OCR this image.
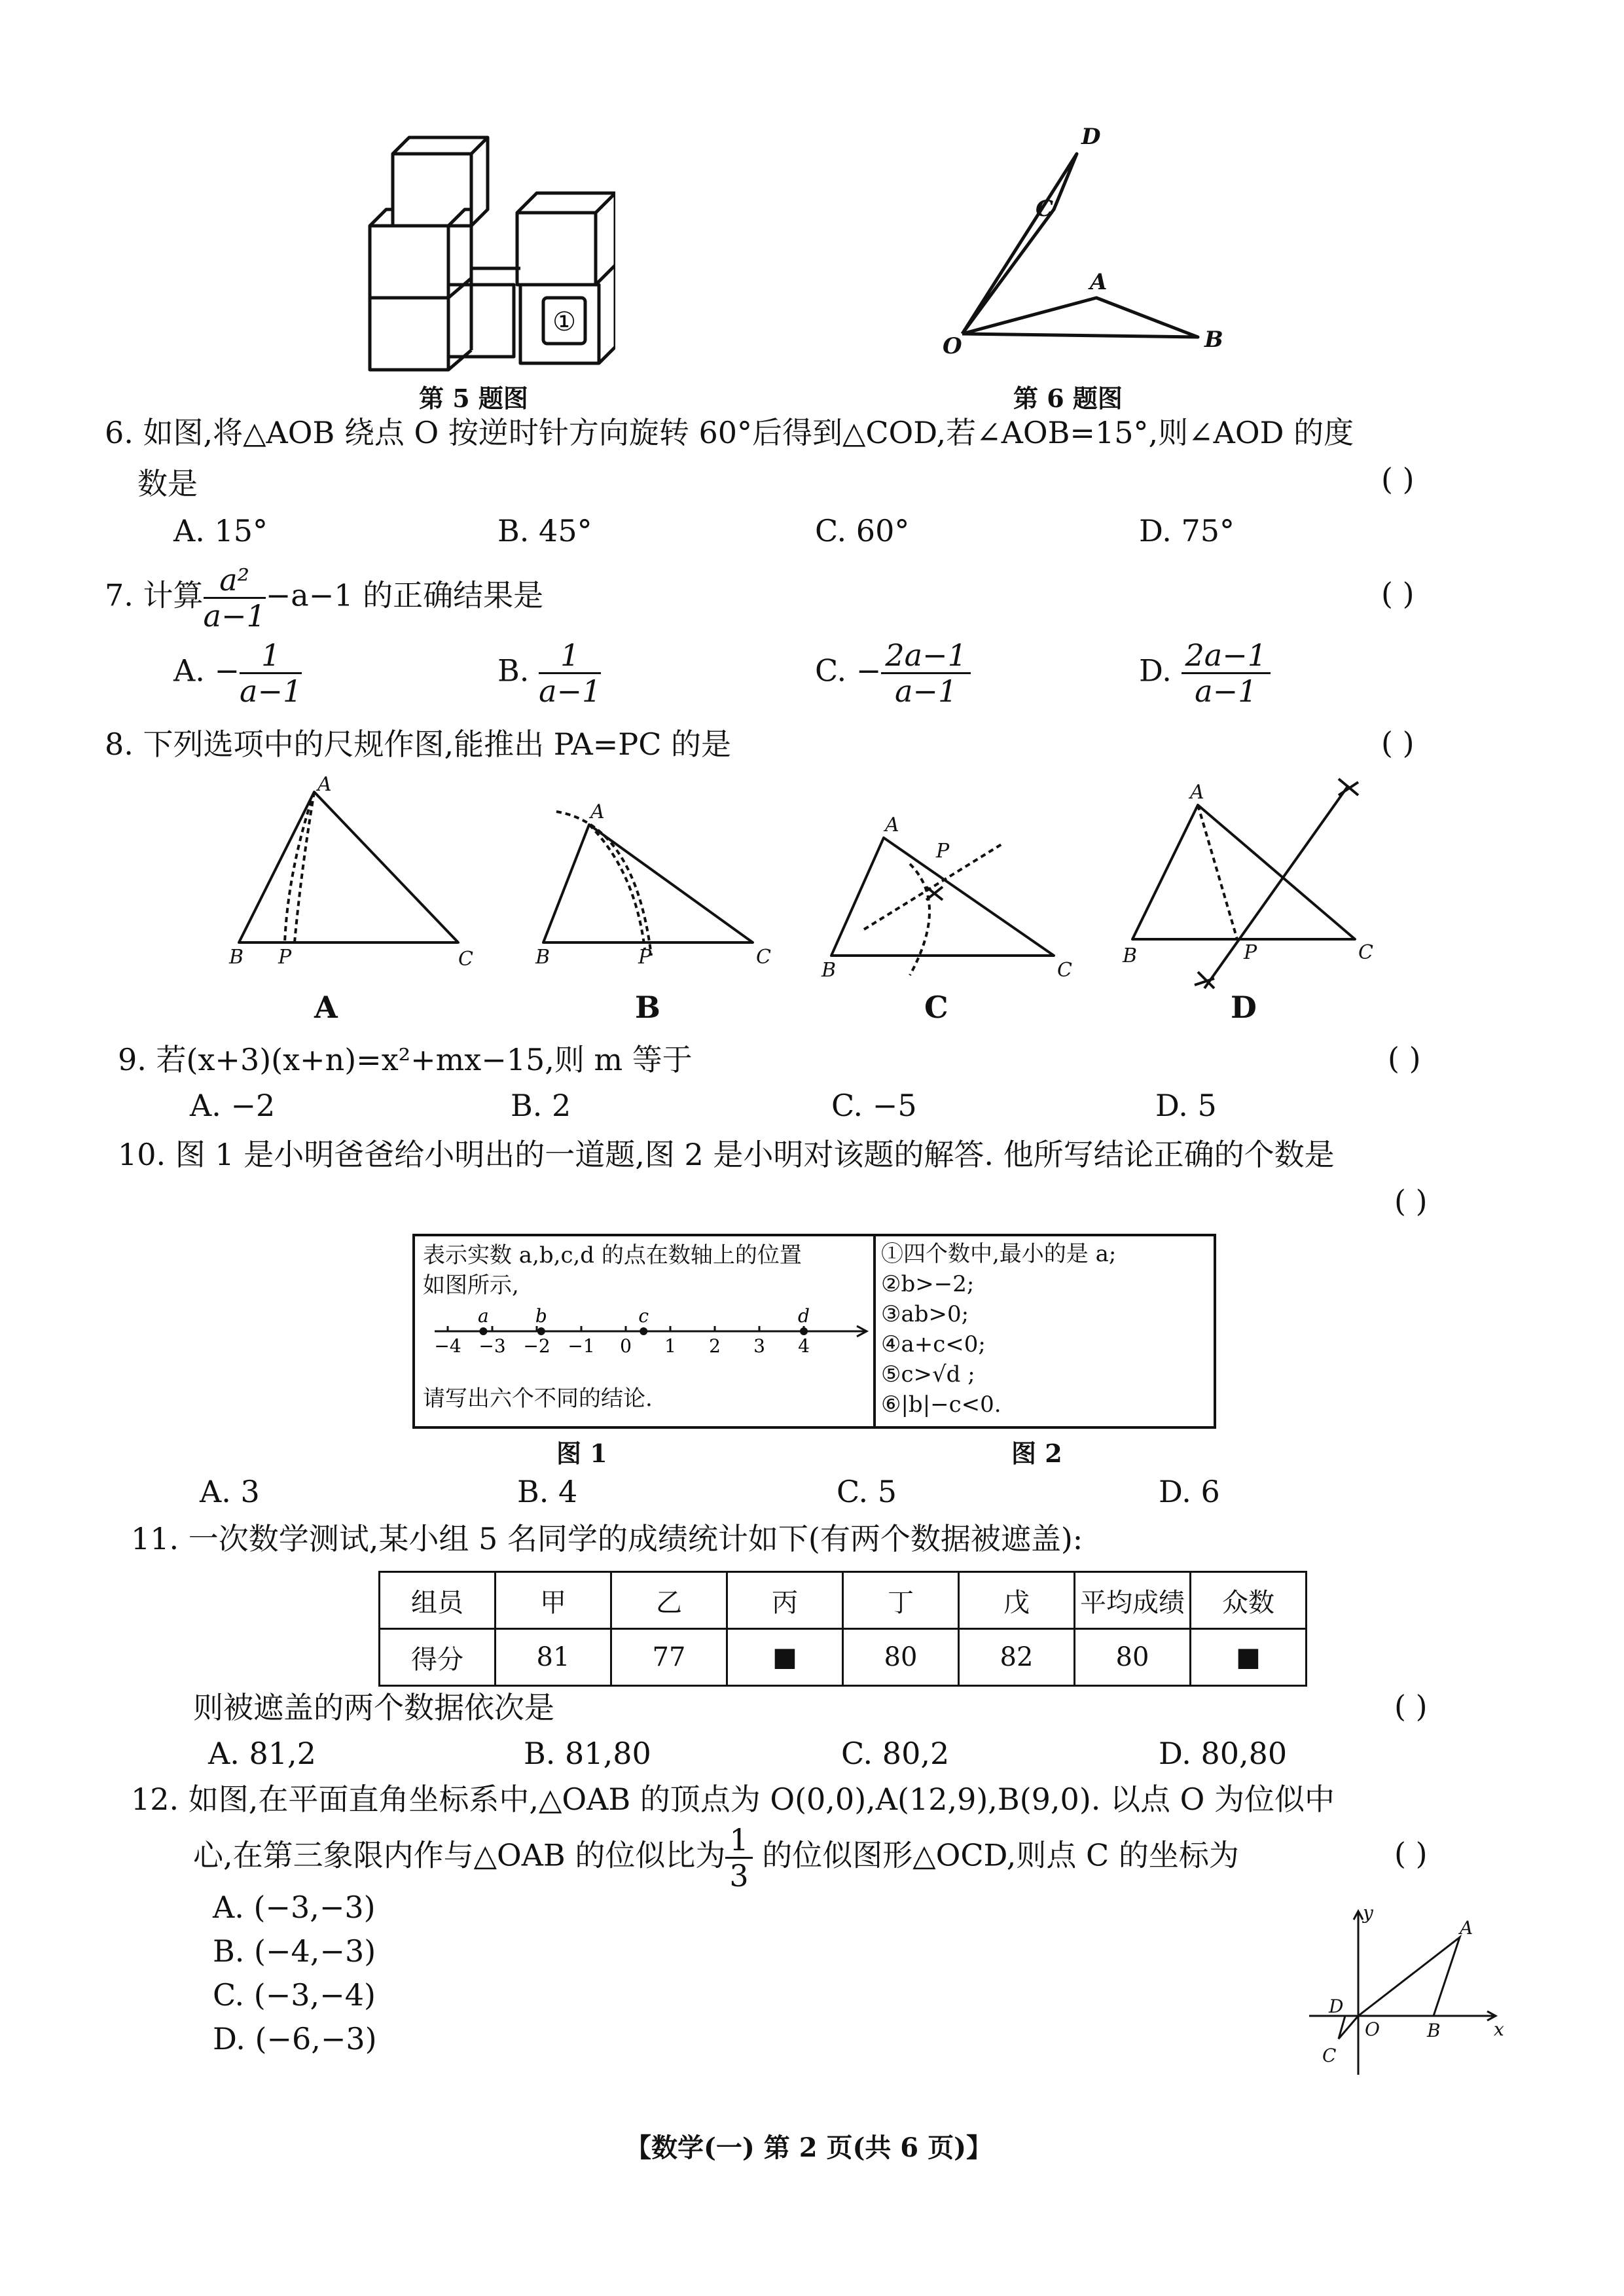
①
第 5 题图
D
C
A
B
O
第 6 题图
6. 如图,将△AOB 绕点 O 按逆时针方向旋转 60°后得到△COD,若∠AOB=15°,则∠AOD 的度
数是	( )
A. 15°	B. 45°	C. 60°	D. 75°
7. 计算 $\frac{\text{a²}}{a-1} -a-1$ 的正确结果是	( )
A. − $\frac{1}{a-1}$	B. $\frac{1}{a-1}$	C. − $\frac{2a-1}{a-1}$	D. $\frac{2a-1}{a-1}$
8. 下列选项中的尺规作图,能推出 PA=PC 的是	( )
A
B P	C
A
B	P	C
A
P
B	C
A
B	P	C
A	B	C	D
9. 若(x+3)(x+n)=x²+mx−15,则 m 等于	( )
A. −2	B. 2	C. −5	D. 5
10. 图 1 是小明爸爸给小明出的一道题,图 2 是小明对该题的解答. 他所写结论正确的个数是
( )
表示实数 a,b,c,d 的点在数轴上的位置
如图所示,
−4 −3 −2 −1 0 1 2 3 4
a	b	c	d
请写出六个不同的结论.
①四个数中,最小的是 a;
②b>−2;
③ab>0;
④a+c<0;
⑤c>√d ;
⑥|b|−c<0.
图 1	图 2
A. 3	B. 4	C. 5	D. 6
11. 一次数学测试,某小组 5 名同学的成绩统计如下(有两个数据被遮盖):
组员	甲	乙	丙	丁	戊	平均成绩	众数
得分	81	77	■	80	82	80	■
则被遮盖的两个数据依次是	( )
A. 81,2	B. 81,80	C. 80,2	D. 80,80
12. 如图,在平面直角坐标系中,△OAB 的顶点为 O(0,0),A(12,9),B(9,0). 以点 O 为位似中
心,在第三象限内作与△OAB 的位似比为 $\frac{1}{3}$ 的位似图形△OCD,则点 C 的坐标为	( )
A. (−3,−3)
B. (−4,−3)
C. (−3,−4)
D. (−6,−3)
y
x
A
B
O
D
C
【数学(一) 第 2 页(共 6 页)】
